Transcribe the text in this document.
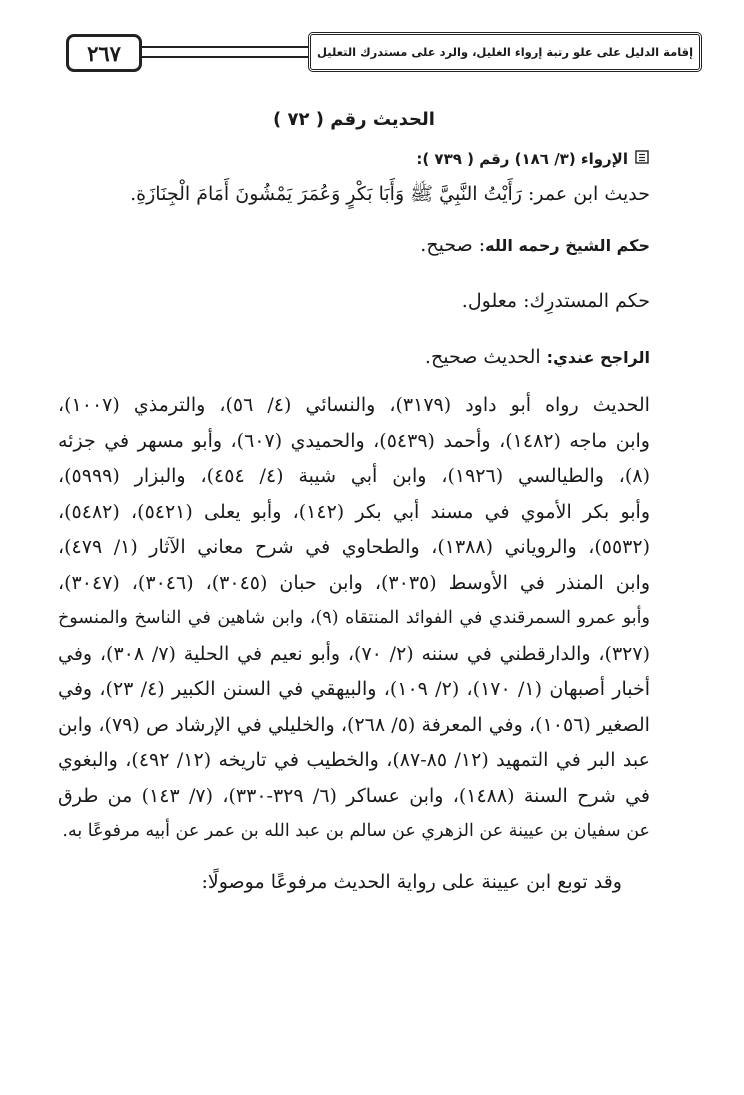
٢٦٧	إقامة الدليل على علو رتبة إرواء الغليل، والرد على مستدرك التعليل
الحديث رقم ( ٧٢ )
الإرواء (٣/ ١٨٦) رقم ( ٧٣٩ ):
حديث ابن عمر: رَأَيْتُ النَّبِيَّ ﷺ وَأَبَا بَكْرٍ وَعُمَرَ يَمْشُونَ أَمَامَ الْجِنَازَةِ.
حكم الشيخ رحمه الله: صحيح.
حكم المستدرِك: معلول.
الراجح عندي: الحديث صحيح.
الحديث رواه أبو داود (٣١٧٩)، والنسائي (٤/ ٥٦)، والترمذي (١٠٠٧)،
وابن ماجه (١٤٨٢)، وأحمد (٥٤٣٩)، والحميدي (٦٠٧)، وأبو مسهر في جزئه
(٨)، والطيالسي (١٩٢٦)، وابن أبي شيبة (٤/ ٤٥٤)، والبزار (٥٩٩٩)،
وأبو بكر الأموي في مسند أبي بكر (١٤٢)، وأبو يعلى (٥٤٢١)، (٥٤٨٢)،
(٥٥٣٢)، والروياني (١٣٨٨)، والطحاوي في شرح معاني الآثار (١/ ٤٧٩)،
وابن المنذر في الأوسط (٣٠٣٥)، وابن حبان (٣٠٤٥)، (٣٠٤٦)، (٣٠٤٧)،
وأبو عمرو السمرقندي في الفوائد المنتقاه (٩)، وابن شاهين في الناسخ والمنسوخ
(٣٢٧)، والدارقطني في سننه (٢/ ٧٠)، وأبو نعيم في الحلية (٧/ ٣٠٨)، وفي
أخبار أصبهان (١/ ١٧٠)، (٢/ ١٠٩)، والبيهقي في السنن الكبير (٤/ ٢٣)، وفي
الصغير (١٠٥٦)، وفي المعرفة (٥/ ٢٦٨)، والخليلي في الإرشاد ص (٧٩)، وابن
عبد البر في التمهيد (١٢/ ٨٥-٨٧)، والخطيب في تاريخه (١٢/ ٤٩٢)، والبغوي
في شرح السنة (١٤٨٨)، وابن عساكر (٦/ ٣٢٩-٣٣٠)، (٧/ ١٤٣) من طرق
عن سفيان بن عيينة عن الزهري عن سالم بن عبد الله بن عمر عن أبيه مرفوعًا به.
وقد توبع ابن عيينة على رواية الحديث مرفوعًا موصولًا:
